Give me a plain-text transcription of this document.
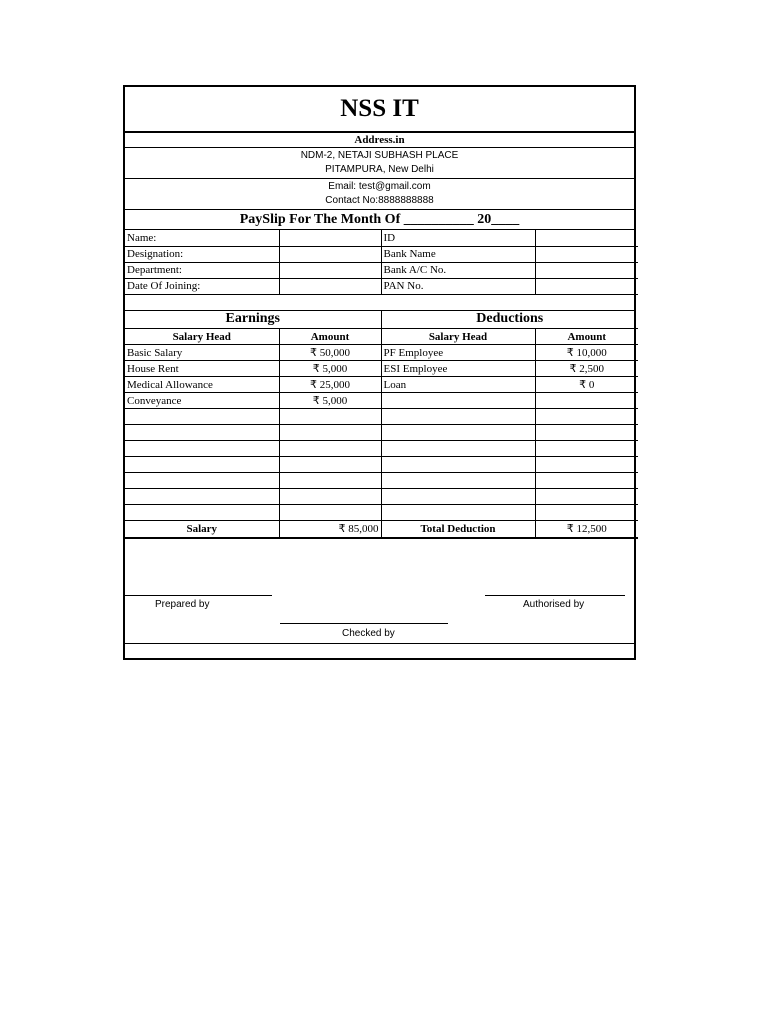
NSS IT
Address.in
NDM-2, NETAJI SUBHASH PLACE
PITAMPURA, New Delhi
Email: test@gmail.com
Contact No:8888888888
PaySlip For The Month Of __________ 20____
Name:		ID	
Designation:		Bank Name	
Department:		Bank A/C No.	
Date Of Joining:		PAN No.	
Earnings		Deductions	
Salary Head	Amount	Salary Head	Amount
Basic Salary	₹ 50,000	PF Employee	₹ 10,000
House Rent	₹ 5,000	ESI Employee	₹ 2,500
Medical Allowance	₹ 25,000	Loan	₹ 0
Conveyance	₹ 5,000		

Salary	₹ 85,000	Total Deduction	₹ 12,500
Prepared by	Authorised by
Checked by
